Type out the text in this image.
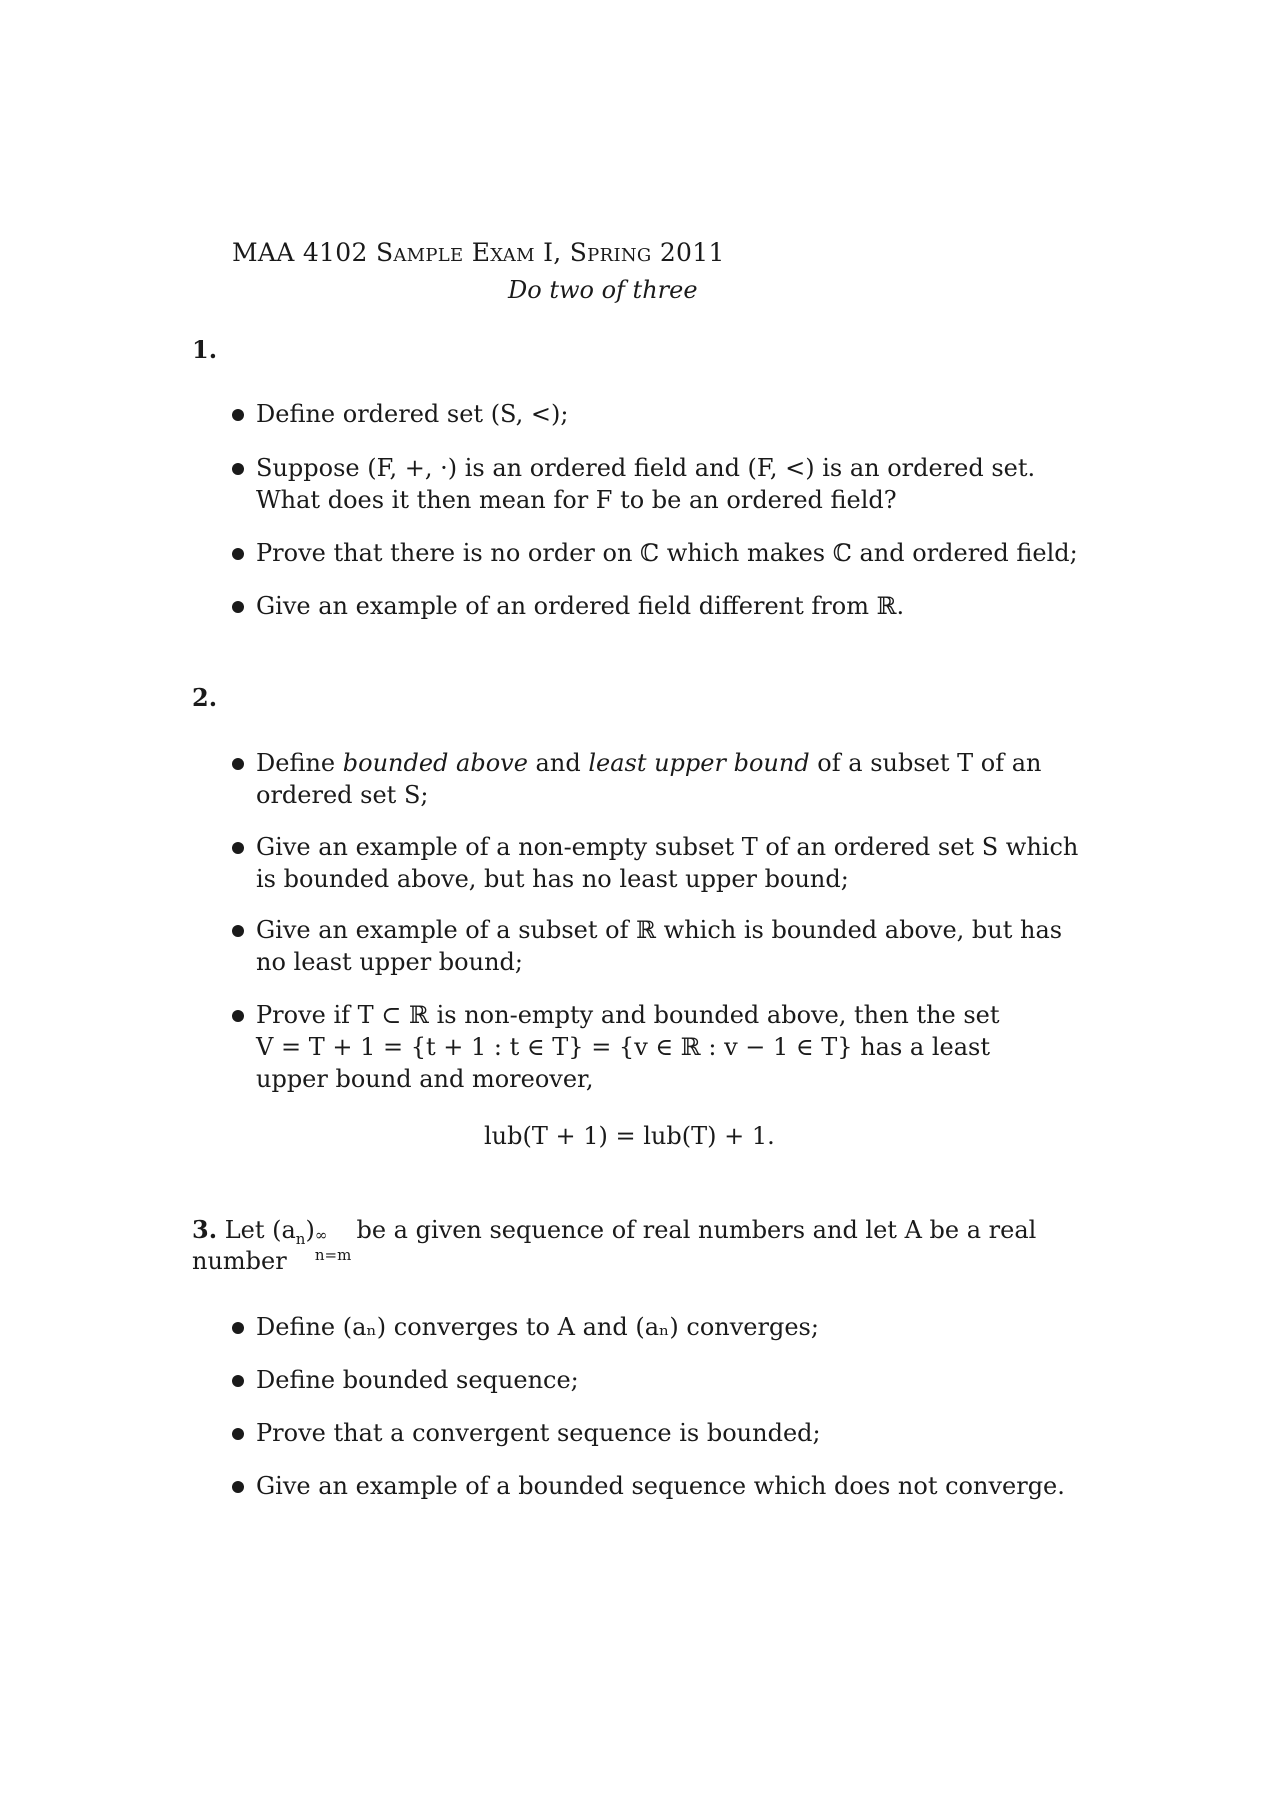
MAA 4102 Sample Exam I, Spring 2011
Do two of three
1.
Define ordered set (S, <);
Suppose (F, +, ·) is an ordered field and (F, <) is an ordered set.
What does it then mean for F to be an ordered field?
Prove that there is no order on ℂ which makes ℂ and ordered field;
Give an example of an ordered field different from ℝ.
2.
Define bounded above and least upper bound of a subset T of an
ordered set S;
Give an example of a non-empty subset T of an ordered set S which
is bounded above, but has no least upper bound;
Give an example of a subset of ℝ which is bounded above, but has
no least upper bound;
Prove if T ⊂ ℝ is non-empty and bounded above, then the set
V = T + 1 = {t + 1 : t ∈ T} = {v ∈ ℝ : v − 1 ∈ T} has a least
upper bound and moreover,
lub(T + 1) = lub(T) + 1.
3. Let $(a_n)$ ∞
n=m
be a given sequence of real numbers and let A be a real
number
Define (aₙ) converges to A and (aₙ) converges;
Define bounded sequence;
Prove that a convergent sequence is bounded;
Give an example of a bounded sequence which does not converge.
